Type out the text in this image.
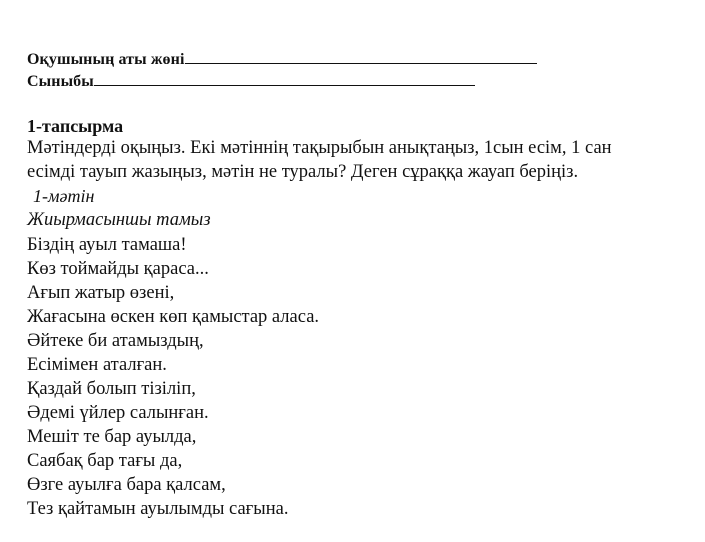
Оқушының аты жөні
Сыныбы
1-тапсырма
Мәтіндерді оқыңыз. Екі мәтіннің тақырыбын анықтаңыз, 1сын есім, 1 сан
есімді тауып жазыңыз, мәтін не туралы? Деген сұраққа жауап беріңіз.
1-мәтін
Жиырмасыншы тамыз
Біздің ауыл тамаша!
Көз тоймайды қараса...
Ағып жатыр өзені,
Жағасына өскен көп қамыстар аласа.
Әйтеке би атамыздың,
Есімімен аталған.
Қаздай болып тізіліп,
Әдемі үйлер салынған.
Мешіт те бар ауылда,
Саябақ бар тағы да,
Өзге ауылға бара қалсам,
Тез қайтамын ауылымды сағына.
